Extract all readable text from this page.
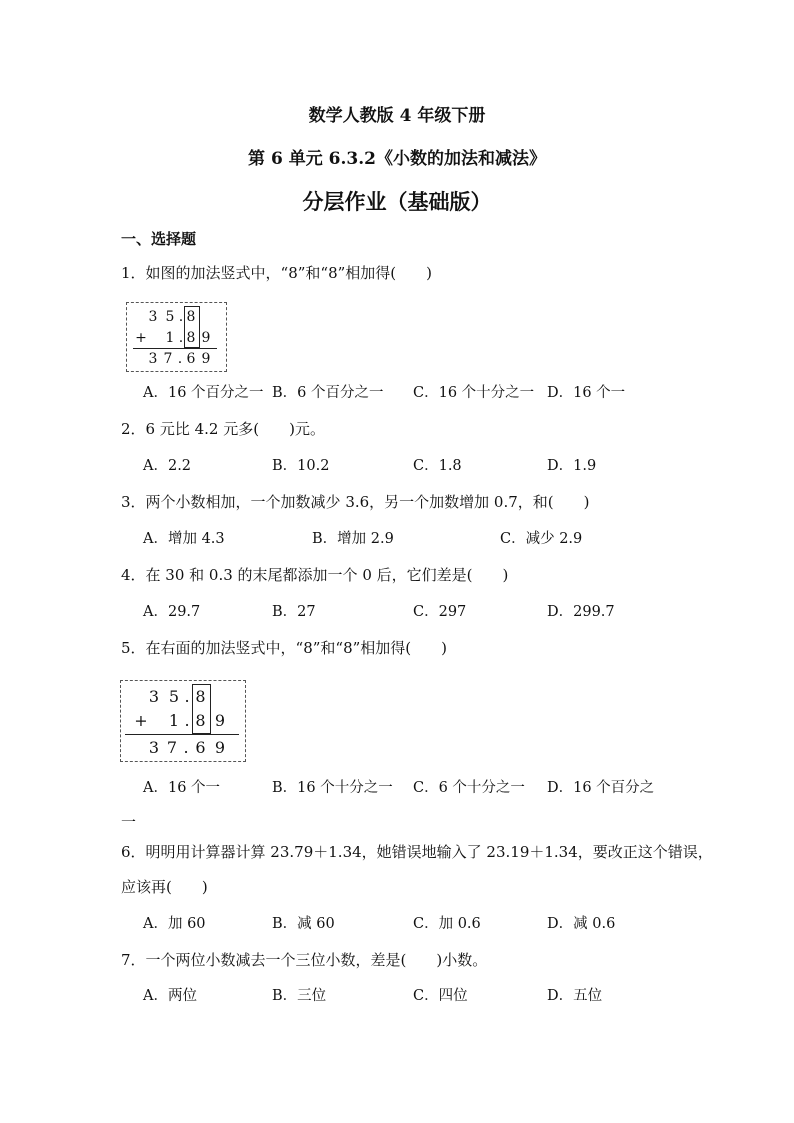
数学人教版 4 年级下册
第 6 单元 6.3.2《小数的加法和减法》
分层作业（基础版）
一、选择题
1．如图的加法竖式中，“8”和“8”相加得(　　)
3 5 . 8
+ 1 . 8 9
3 7 . 6 9
A．16 个百分之一 B．6 个百分之一 C．16 个十分之一 D．16 个一
2．6 元比 4.2 元多(　　)元。
A．2.2	B．10.2	C．1.8	D．1.9
3．两个小数相加，一个加数减少 3.6，另一个加数增加 0.7，和(　　)
A．增加 4.3	B．增加 2.9	C．减少 2.9
4．在 30 和 0.3 的末尾都添加一个 0 后，它们差是(　　)
A．29.7	B．27	C．297	D．299.7
5．在右面的加法竖式中，“8”和“8”相加得(　　)
3 5 . 8
+ 1 . 8 9
3 7 . 6 9
A．16 个一	B．16 个十分之一 C．6 个十分之一 D．16 个百分之
一
6．明明用计算器计算 23.79＋1.34，她错误地输入了 23.19＋1.34，要改正这个错误，
应该再(　　)
A．加 60	B．减 60	C．加 0.6	D．减 0.6
7．一个两位小数减去一个三位小数，差是(　　)小数。
A．两位	B．三位	C．四位	D．五位
